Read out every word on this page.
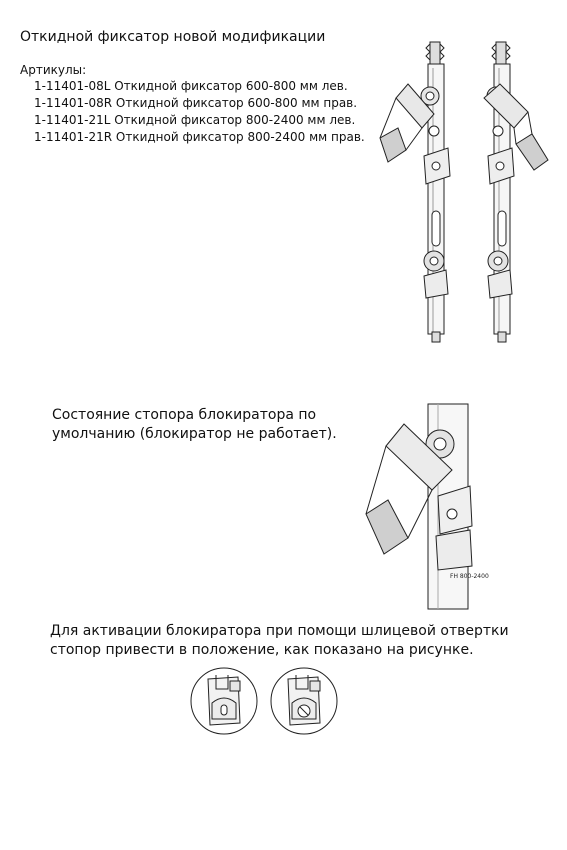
Откидной фиксатор новой модификации
Артикулы:
1-11401-08L Откидной фиксатор 600-800 мм лев.
1-11401-08R Откидной фиксатор 600-800 мм прав.
1-11401-21L Откидной фиксатор 800-2400 мм лев.
1-11401-21R Откидной фиксатор 800-2400 мм прав.
Состояние стопора блокиратора по умолчанию (блокиратор не работает).
FH 800-2400
Для активации блокиратора при помощи шлицевой отвертки стопор привести в положение, как показано на рисунке.
